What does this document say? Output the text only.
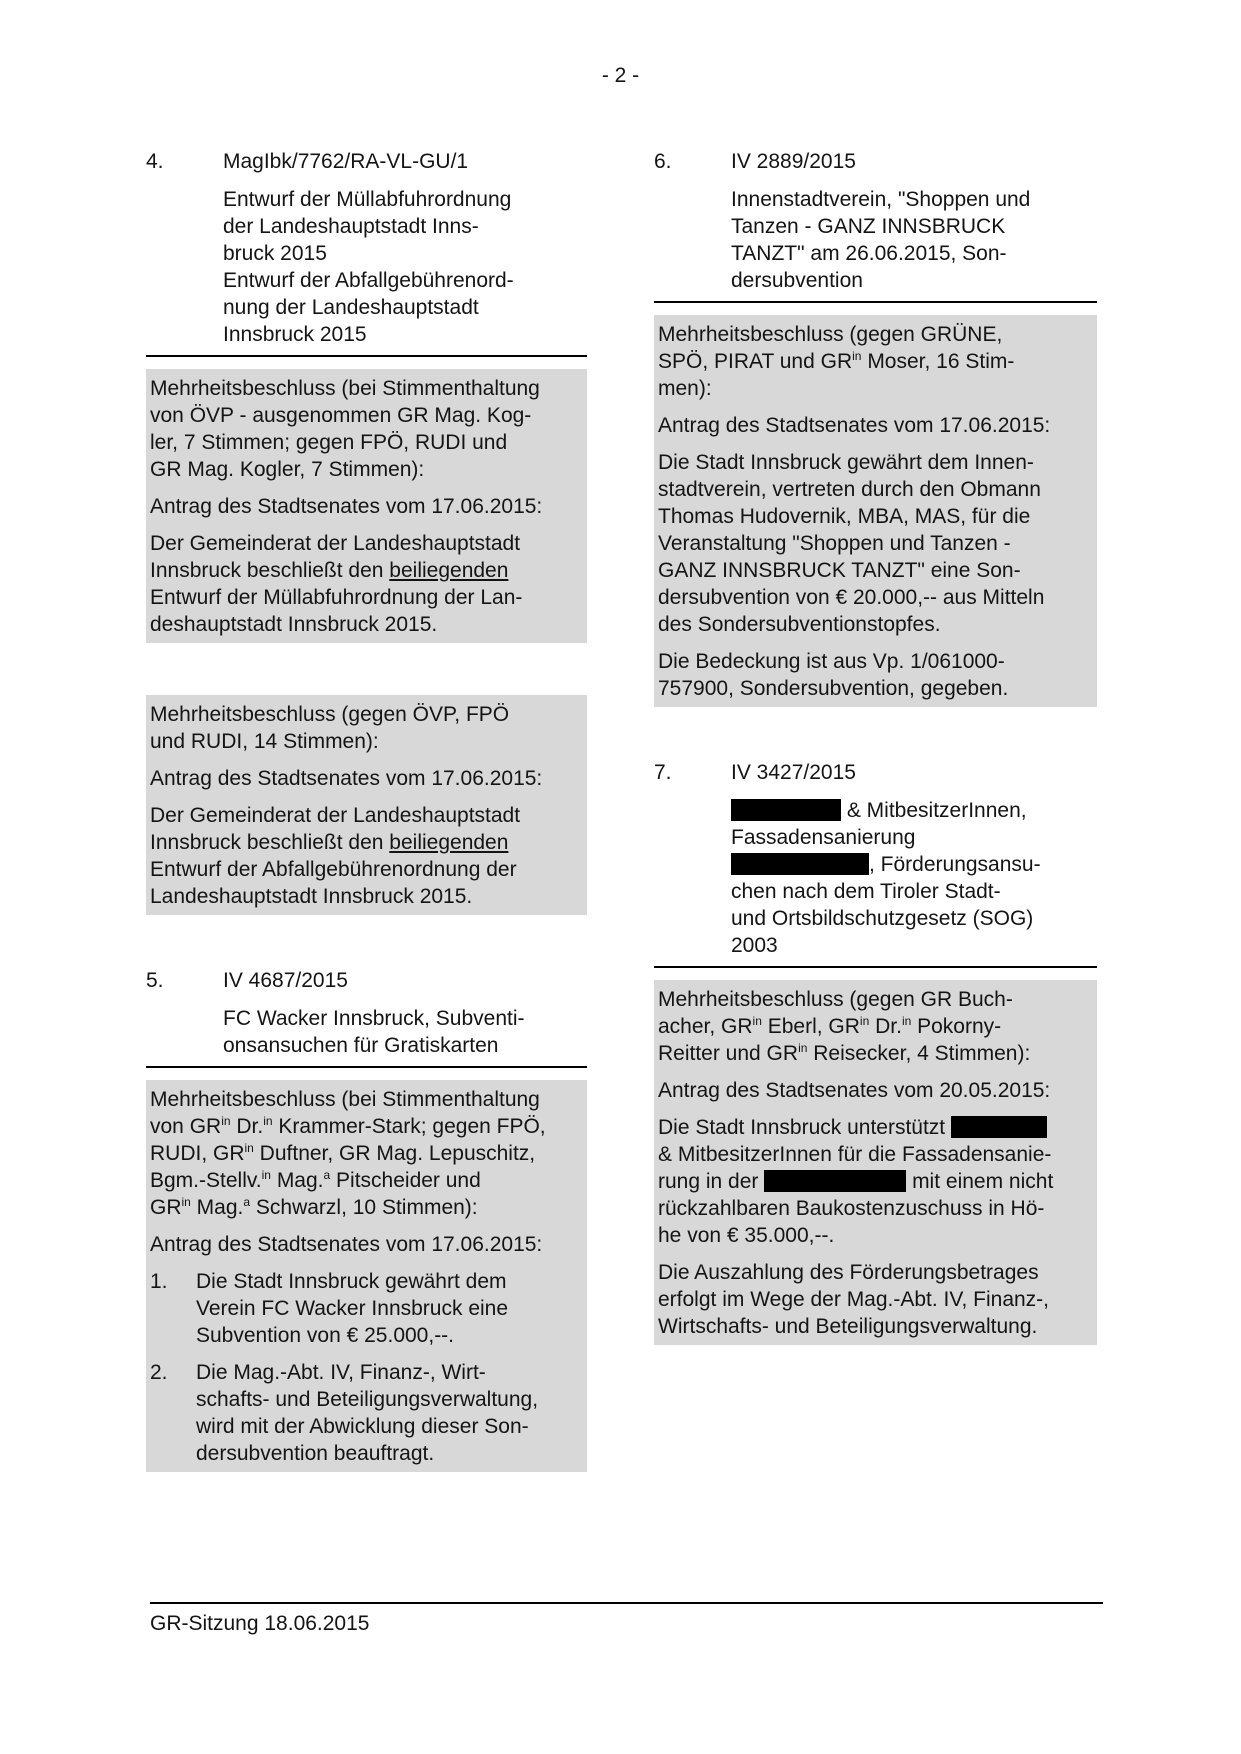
- 2 -
4.	MagIbk/7762/RA-VL-GU/1
Entwurf der Müllabfuhrordnung
der Landeshauptstadt Inns-
bruck 2015
Entwurf der Abfallgebührenord-
nung der Landeshauptstadt
Innsbruck 2015

Mehrheitsbeschluss (bei Stimmenthaltung
von ÖVP - ausgenommen GR Mag. Kog-
ler, 7 Stimmen; gegen FPÖ, RUDI und
GR Mag. Kogler, 7 Stimmen):

Antrag des Stadtsenates vom 17.06.2015:

Der Gemeinderat der Landeshauptstadt
Innsbruck beschließt den beiliegenden
Entwurf der Müllabfuhrordnung der Lan-
deshauptstadt Innsbruck 2015.

Mehrheitsbeschluss (gegen ÖVP, FPÖ
und RUDI, 14 Stimmen):

Antrag des Stadtsenates vom 17.06.2015:

Der Gemeinderat der Landeshauptstadt
Innsbruck beschließt den beiliegenden
Entwurf der Abfallgebührenordnung der
Landeshauptstadt Innsbruck 2015.

5.	IV 4687/2015
FC Wacker Innsbruck, Subventi-
onsansuchen für Gratiskarten

Mehrheitsbeschluss (bei Stimmenthaltung
von $GR^{in}$ Dr.$^{in}$ Krammer-Stark; gegen FPÖ,
RUDI, $GR^{in}$ Duftner, GR Mag. Lepuschitz,
Bgm.-Stellv.$^{in}$ Mag.$^a$ Pitscheider und
$GR^{in}$ Mag.$^a$ Schwarzl, 10 Stimmen):

Antrag des Stadtsenates vom 17.06.2015:

1.	Die Stadt Innsbruck gewährt dem
Verein FC Wacker Innsbruck eine
Subvention von € 25.000,--.

2.	Die Mag.-Abt. IV, Finanz-, Wirt-
schafts- und Beteiligungsverwaltung,
wird mit der Abwicklung dieser Son-
dersubvention beauftragt.

6.	IV 2889/2015
Innenstadtverein, "Shoppen und
Tanzen - GANZ INNSBRUCK
TANZT" am 26.06.2015, Son-
dersubvention

Mehrheitsbeschluss (gegen GRÜNE,
SPÖ, PIRAT und $GR^{in}$ Moser, 16 Stim-
men):

Antrag des Stadtsenates vom 17.06.2015:

Die Stadt Innsbruck gewährt dem Innen-
stadtverein, vertreten durch den Obmann
Thomas Hudovernik, MBA, MAS, für die
Veranstaltung "Shoppen und Tanzen -
GANZ INNSBRUCK TANZT" eine Son-
dersubvention von € 20.000,-- aus Mitteln
des Sondersubventionstopfes.

Die Bedeckung ist aus Vp. 1/061000-
757900, Sondersubvention, gegeben.

7.	IV 3427/2015
& MitbesitzerInnen,
Fassadensanierung
, Förderungsansu-
chen nach dem Tiroler Stadt-
und Ortsbildschutzgesetz (SOG)
2003

Mehrheitsbeschluss (gegen GR Buch-
acher, $GR^{in}$ Eberl, $GR^{in}$ Dr.$^{in}$ Pokorny-
Reitter und $GR^{in}$ Reisecker, 4 Stimmen):

Antrag des Stadtsenates vom 20.05.2015:

Die Stadt Innsbruck unterstützt
& MitbesitzerInnen für die Fassadensanie-
rung in der	mit einem nicht
rückzahlbaren Baukostenzuschuss in Hö-
he von € 35.000,--.

Die Auszahlung des Förderungsbetrages
erfolgt im Wege der Mag.-Abt. IV, Finanz-,
Wirtschafts- und Beteiligungsverwaltung.

GR-Sitzung 18.06.2015
